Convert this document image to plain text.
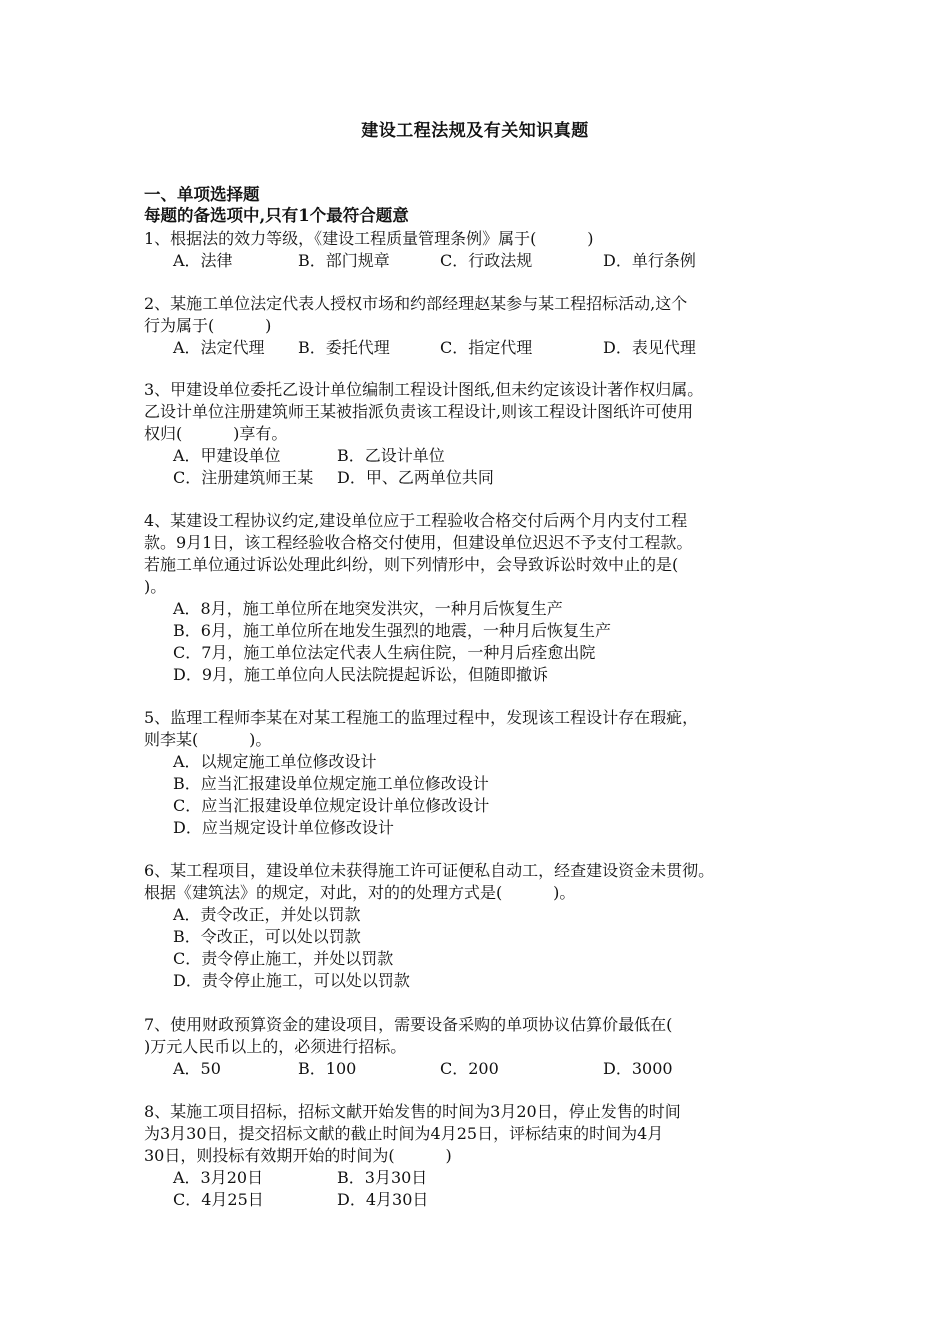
建设工程法规及有关知识真题
一、单项选择题
每题的备选项中,只有1个最符合题意
1、根据法的效力等级，《建设工程质量管理条例》属于(          )
A．法律	B．部门规章	C．行政法规	D．单行条例
2、某施工单位法定代表人授权市场和约部经理赵某参与某工程招标活动,这个
行为属于(          )
A．法定代理 B．委托代理	C．指定代理	D．表见代理
3、甲建设单位委托乙设计单位编制工程设计图纸,但未约定该设计著作权归属。
乙设计单位注册建筑师王某被指派负责该工程设计,则该工程设计图纸许可使用
权归(          )享有。
A．甲建设单位	B．乙设计单位
C．注册建筑师王某 D．甲、乙两单位共同
4、某建设工程协议约定,建设单位应于工程验收合格交付后两个月内支付工程
款。9月1日，该工程经验收合格交付使用，但建设单位迟迟不予支付工程款。
若施工单位通过诉讼处理此纠纷，则下列情形中，会导致诉讼时效中止的是(
)。
A．8月，施工单位所在地突发洪灾，一种月后恢复生产
B．6月，施工单位所在地发生强烈的地震，一种月后恢复生产
C．7月，施工单位法定代表人生病住院，一种月后痊愈出院
D．9月，施工单位向人民法院提起诉讼，但随即撤诉
5、监理工程师李某在对某工程施工的监理过程中，发现该工程设计存在瑕疵，
则李某(          )。
A．以规定施工单位修改设计
B．应当汇报建设单位规定施工单位修改设计
C．应当汇报建设单位规定设计单位修改设计
D．应当规定设计单位修改设计
6、某工程项目，建设单位未获得施工许可证便私自动工，经查建设资金未贯彻。
根据《建筑法》的规定，对此，对的的处理方式是(          )。
A．责令改正，并处以罚款
B．令改正，可以处以罚款
C．责令停止施工，并处以罚款
D．责令停止施工，可以处以罚款
7、使用财政预算资金的建设项目，需要设备采购的单项协议估算价最低在(
)万元人民币以上的，必须进行招标。
A．50	B．100	C．200	D．3000
8、某施工项目招标，招标文献开始发售的时间为3月20日，停止发售的时间
为3月30日，提交招标文献的截止时间为4月25日，评标结束的时间为4月
30日，则投标有效期开始的时间为(          )
A．3月20日	B．3月30日
C．4月25日	D．4月30日
